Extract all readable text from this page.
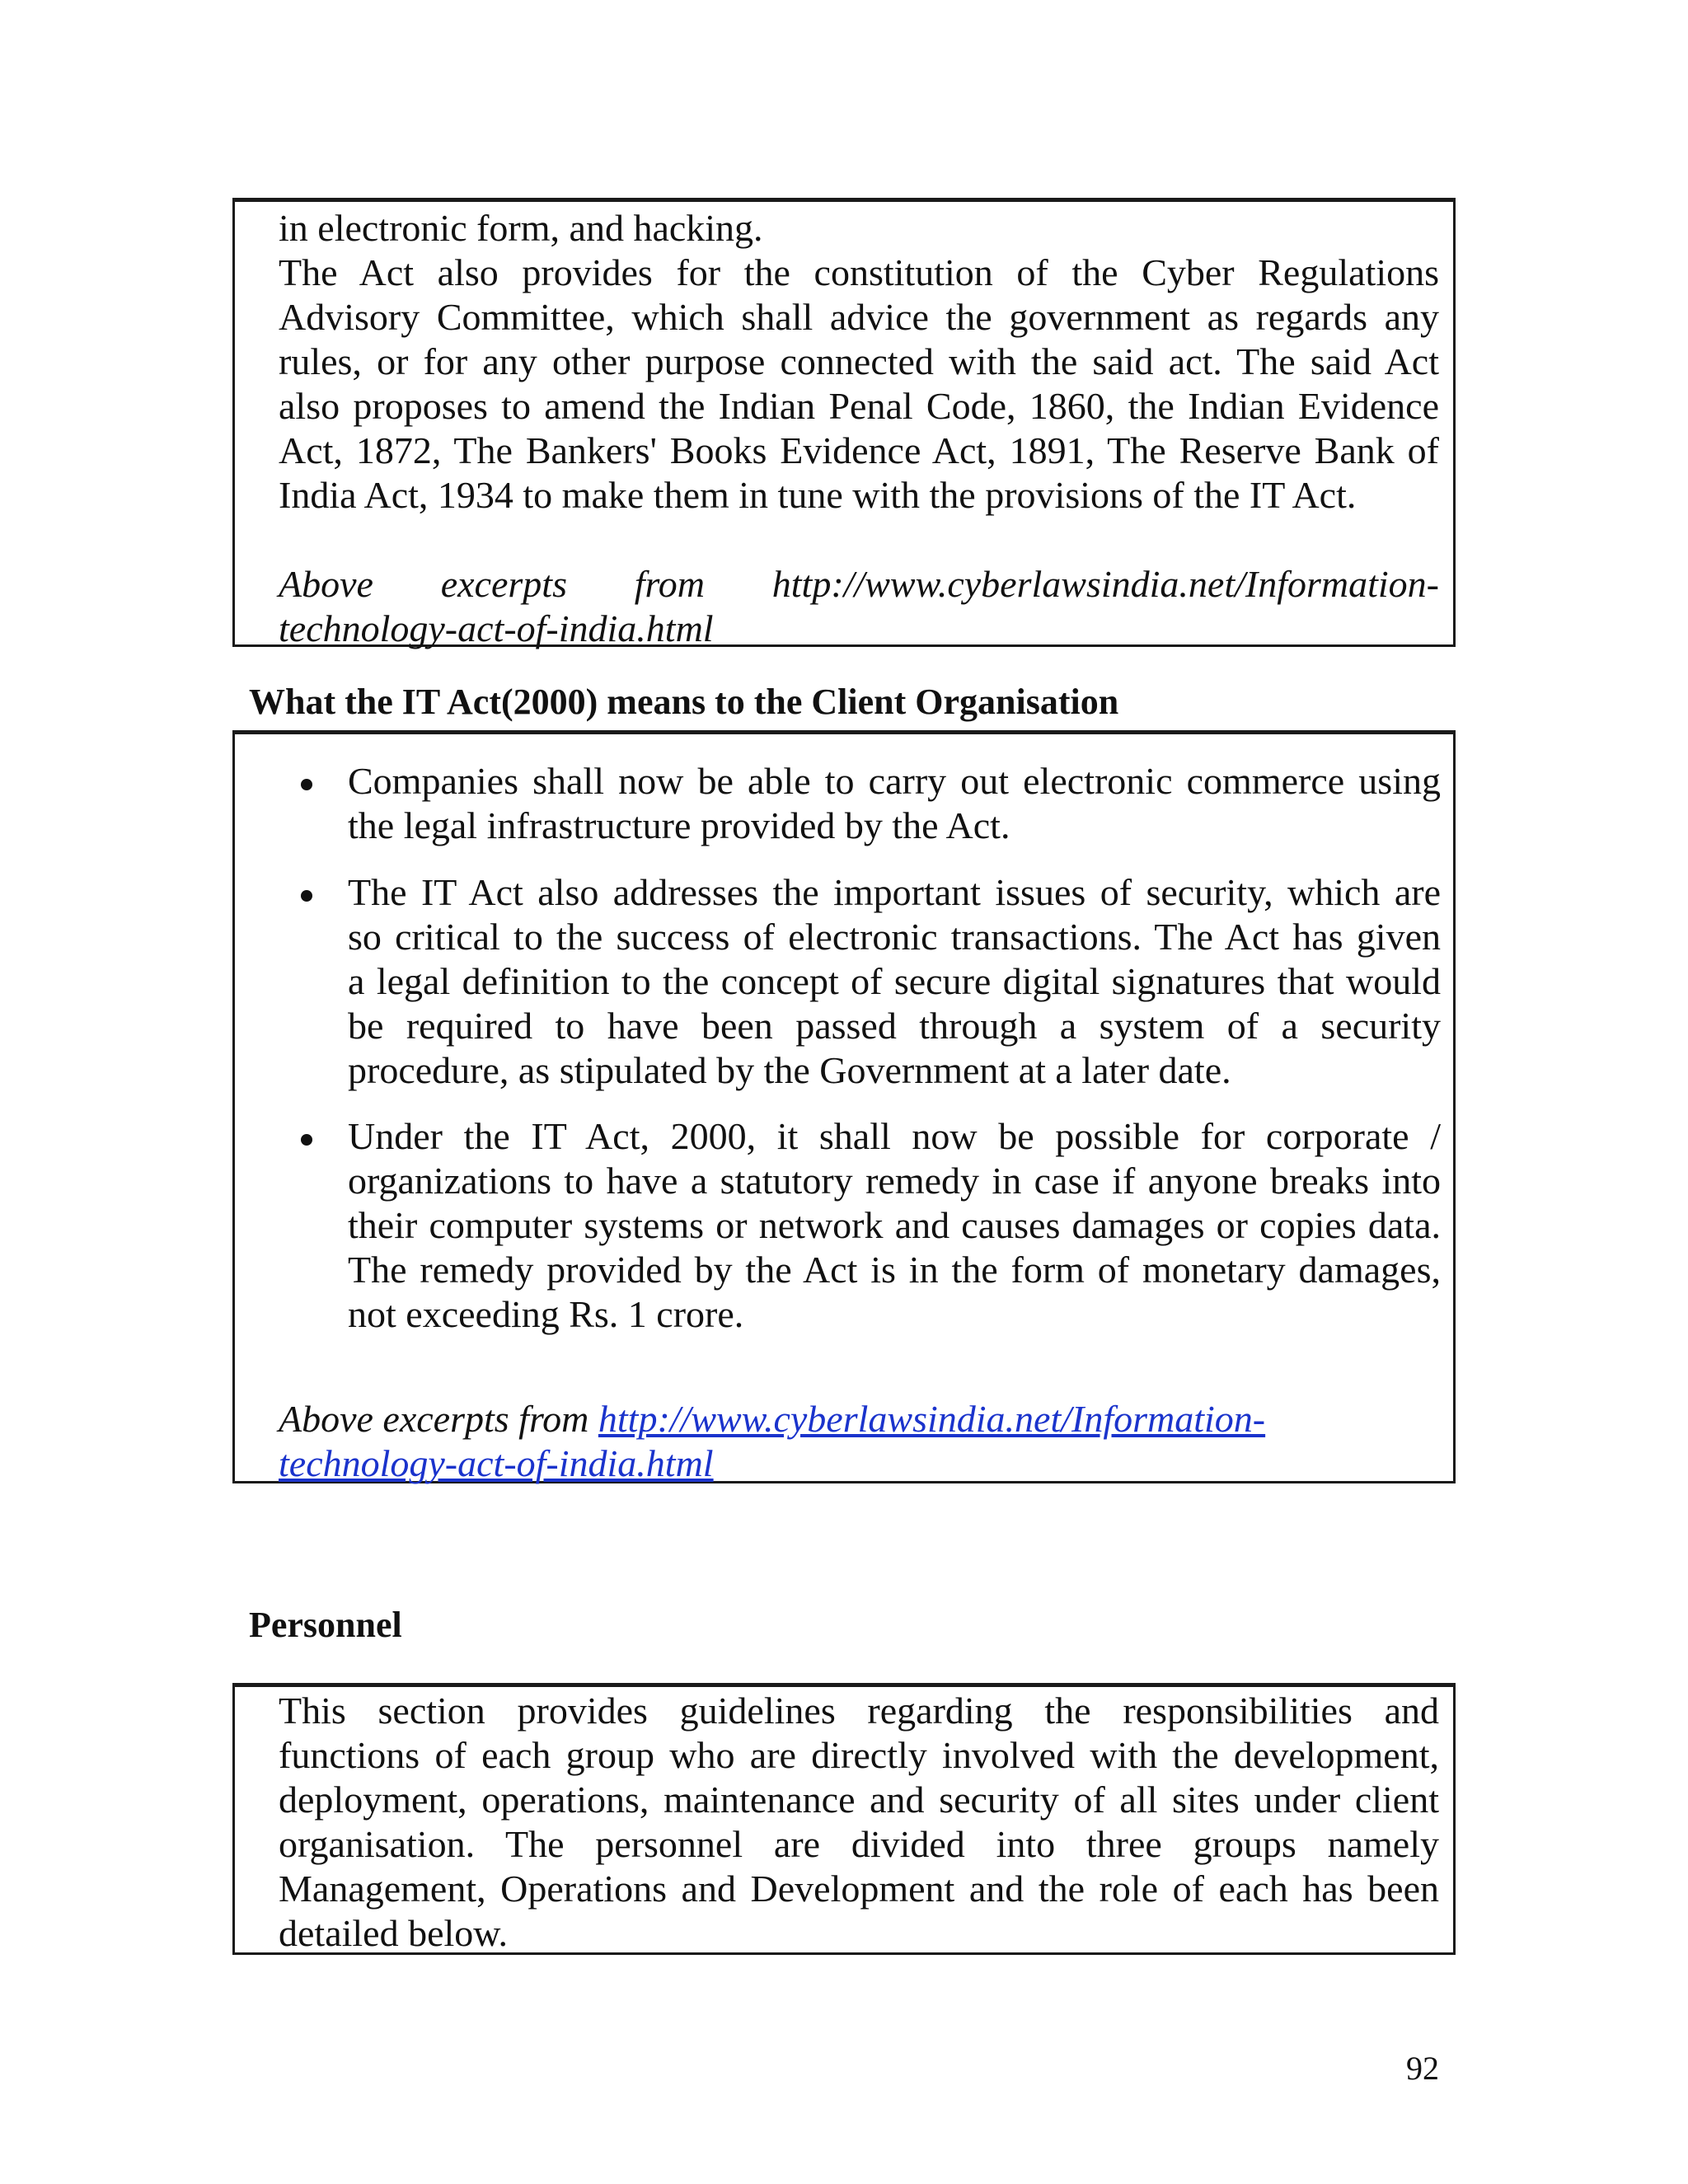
in electronic form, and hacking.
The Act also provides for the constitution of the Cyber Regulations
Advisory Committee, which shall advice the government as regards any
rules, or for any other purpose connected with the said act. The said Act
also proposes to amend the Indian Penal Code, 1860, the Indian Evidence
Act, 1872, The Bankers' Books Evidence Act, 1891, The Reserve Bank of
India Act, 1934 to make them in tune with the provisions of the IT Act.
Above excerpts from http://www.cyberlawsindia.net/Information-
technology-act-of-india.html
What the IT Act(2000) means to the Client Organisation
Companies shall now be able to carry out electronic commerce using
the legal infrastructure provided by the Act.
The IT Act also addresses the important issues of security, which are
so critical to the success of electronic transactions. The Act has given
a legal definition to the concept of secure digital signatures that would
be required to have been passed through a system of a security
procedure, as stipulated by the Government at a later date.
Under the IT Act, 2000, it shall now be possible for corporate /
organizations to have a statutory remedy in case if anyone breaks into
their computer systems or network and causes damages or copies data.
The remedy provided by the Act is in the form of monetary damages,
not exceeding Rs. 1 crore.
Above excerpts from http://www.cyberlawsindia.net/Information-
technology-act-of-india.html
Personnel
This section provides guidelines regarding the responsibilities and
functions of each group who are directly involved with the development,
deployment, operations, maintenance and security of all sites under client
organisation. The personnel are divided into three groups namely
Management, Operations and Development and the role of each has been
detailed below.
92
